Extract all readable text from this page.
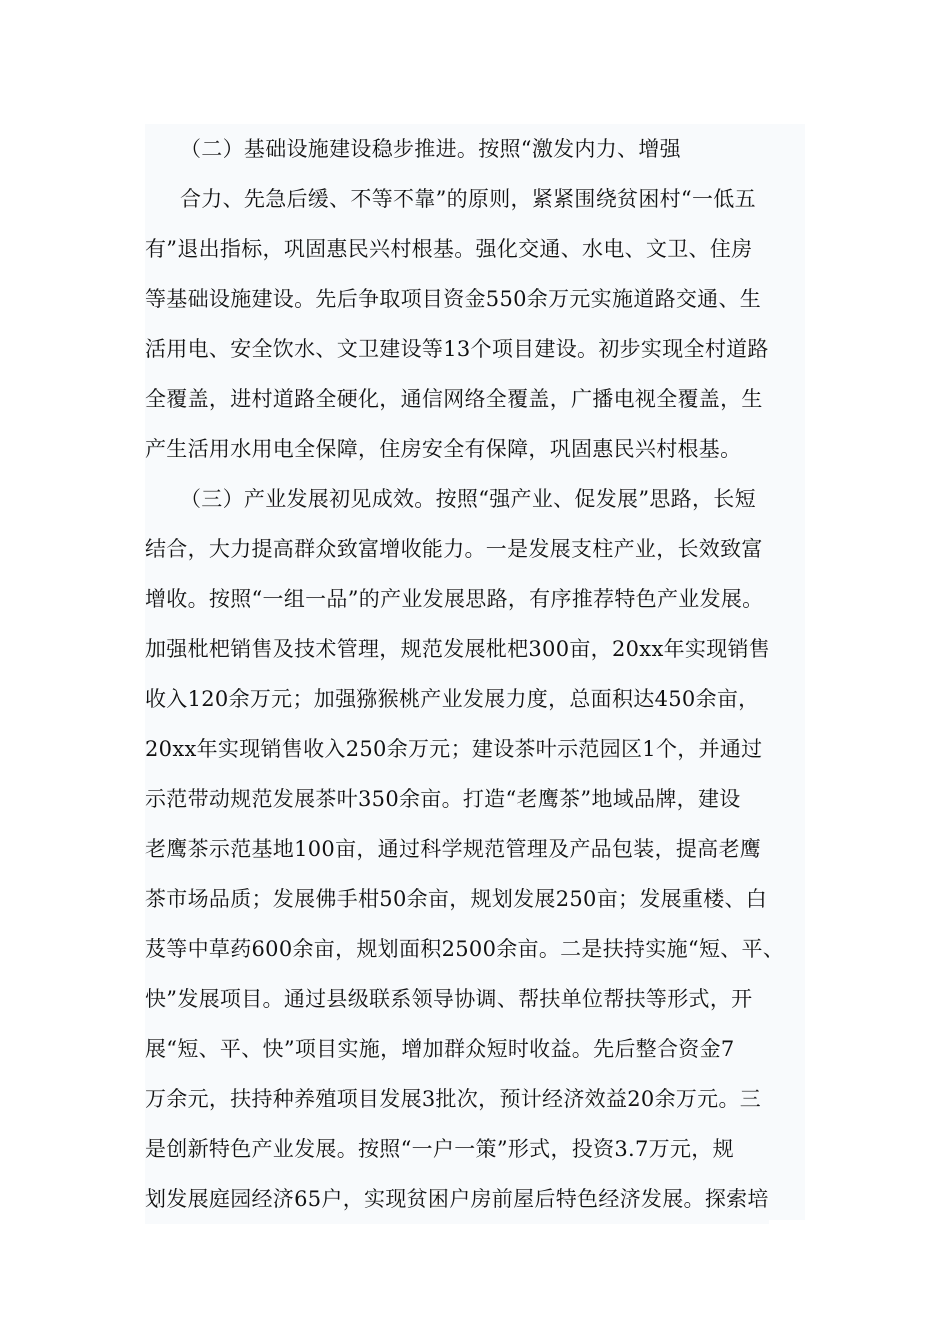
（二）基础设施建设稳步推进。按照“激发内力、增强

合力、先急后缓、不等不靠”的原则，紧紧围绕贫困村“一低五

有”退出指标，巩固惠民兴村根基。强化交通、水电、文卫、住房

等基础设施建设。先后争取项目资金550余万元实施道路交通、生

活用电、安全饮水、文卫建设等13个项目建设。初步实现全村道路

全覆盖，进村道路全硬化，通信网络全覆盖，广播电视全覆盖，生

产生活用水用电全保障，住房安全有保障，巩固惠民兴村根基。

（三）产业发展初见成效。按照“强产业、促发展”思路，长短

结合，大力提高群众致富增收能力。一是发展支柱产业，长效致富

增收。按照“一组一品”的产业发展思路，有序推荐特色产业发展。

加强枇杷销售及技术管理，规范发展枇杷300亩，20xx年实现销售

收入120余万元；加强猕猴桃产业发展力度，总面积达450余亩，

20xx年实现销售收入250余万元；建设茶叶示范园区1个，并通过

示范带动规范发展茶叶350余亩。打造“老鹰茶”地域品牌，建设

老鹰茶示范基地100亩，通过科学规范管理及产品包装，提高老鹰

茶市场品质；发展佛手柑50余亩，规划发展250亩；发展重楼、白

芨等中草药600余亩，规划面积2500余亩。二是扶持实施“短、平、

快”发展项目。通过县级联系领导协调、帮扶单位帮扶等形式，开

展“短、平、快”项目实施，增加群众短时收益。先后整合资金7

万余元，扶持种养殖项目发展3批次，预计经济效益20余万元。三

是创新特色产业发展。按照“一户一策”形式，投资3.7万元，规

划发展庭园经济65户，实现贫困户房前屋后特色经济发展。探索培
